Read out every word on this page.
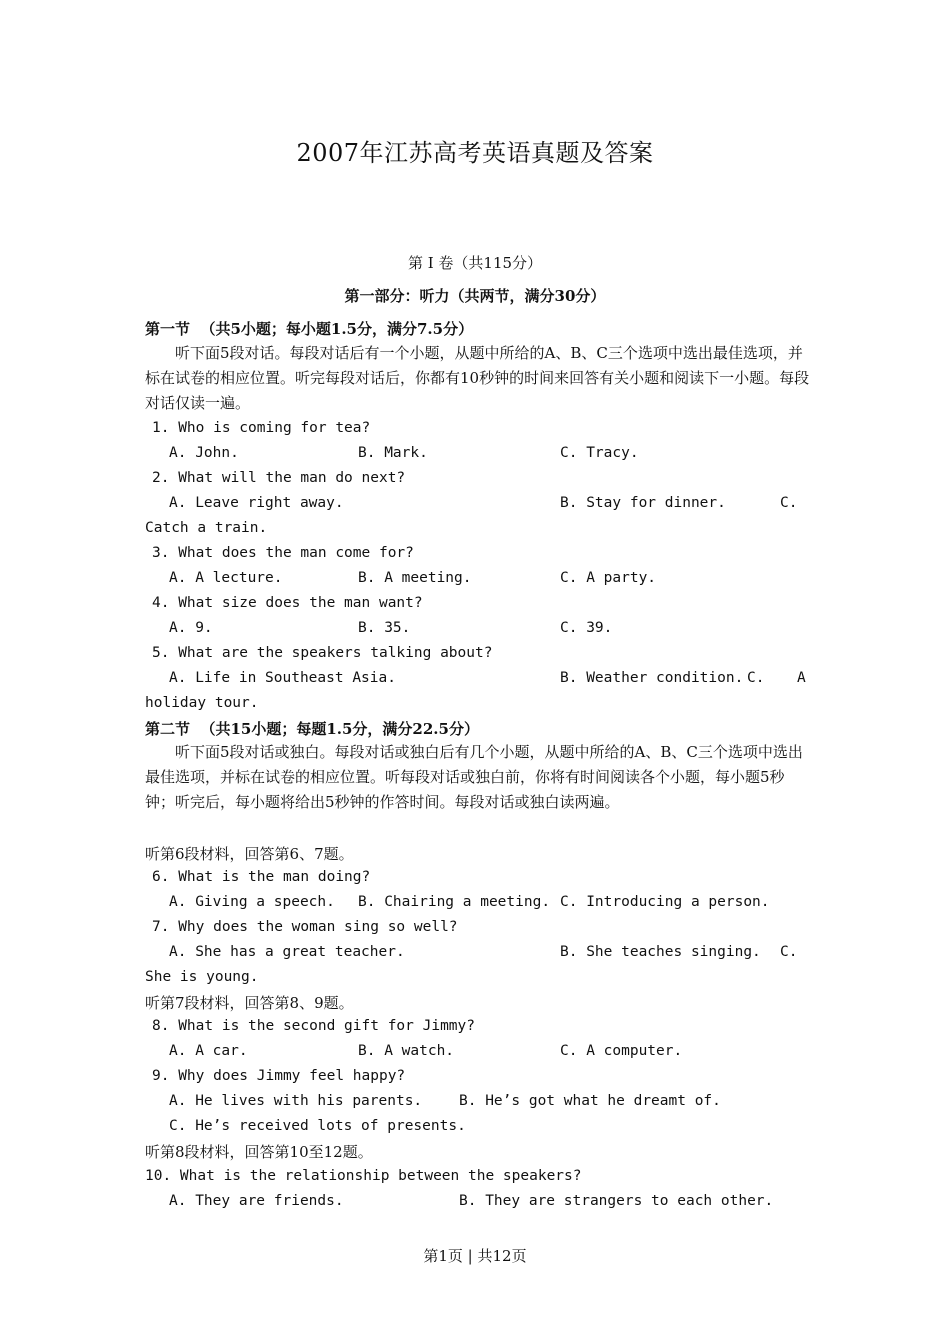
2007年江苏高考英语真题及答案
第 I 卷（共115分）
第一部分：听力（共两节，满分30分）
第一节  （共5小题；每小题1.5分，满分7.5分）
听下面5段对话。每段对话后有一个小题，从题中所给的A、B、C三个选项中选出最佳选项，并标在试卷的相应位置。听完每段对话后，你都有10秒钟的时间来回答有关小题和阅读下一小题。每段对话仅读一遍。
1. Who is coming for tea?
A. John.	B. Mark.	C. Tracy.
2. What will the man do next?
A. Leave right away.	B. Stay for dinner.	C.
Catch a train.
3. What does the man come for?
A. A lecture.	B. A meeting.	C. A party.
4. What size does the man want?
A. 9.	B. 35.	C. 39.
5. What are the speakers talking about?
A. Life in Southeast Asia.	B. Weather condition. C. A
holiday tour.
第二节  （共15小题；每题1.5分，满分22.5分）
听下面5段对话或独白。每段对话或独白后有几个小题，从题中所给的A、B、C三个选项中选出最佳选项，并标在试卷的相应位置。听每段对话或独白前，你将有时间阅读各个小题，每小题5秒钟；听完后，每小题将给出5秒钟的作答时间。每段对话或独白读两遍。
听第6段材料，回答第6、7题。
6. What is the man doing?
A. Giving a speech. B. Chairing a meeting. C. Introducing a person.
7. Why does the woman sing so well?
A. She has a great teacher.	B. She teaches singing. C.
She is young.
听第7段材料，回答第8、9题。
8. What is the second gift for Jimmy?
A. A car.	B. A watch.	C. A computer.
9. Why does Jimmy feel happy?
A. He lives with his parents.	B. He’s got what he dreamt of.
C. He’s received lots of presents.
听第8段材料，回答第10至12题。
10. What is the relationship between the speakers?
A. They are friends.	B. They are strangers to each other.
第1页 | 共12页
